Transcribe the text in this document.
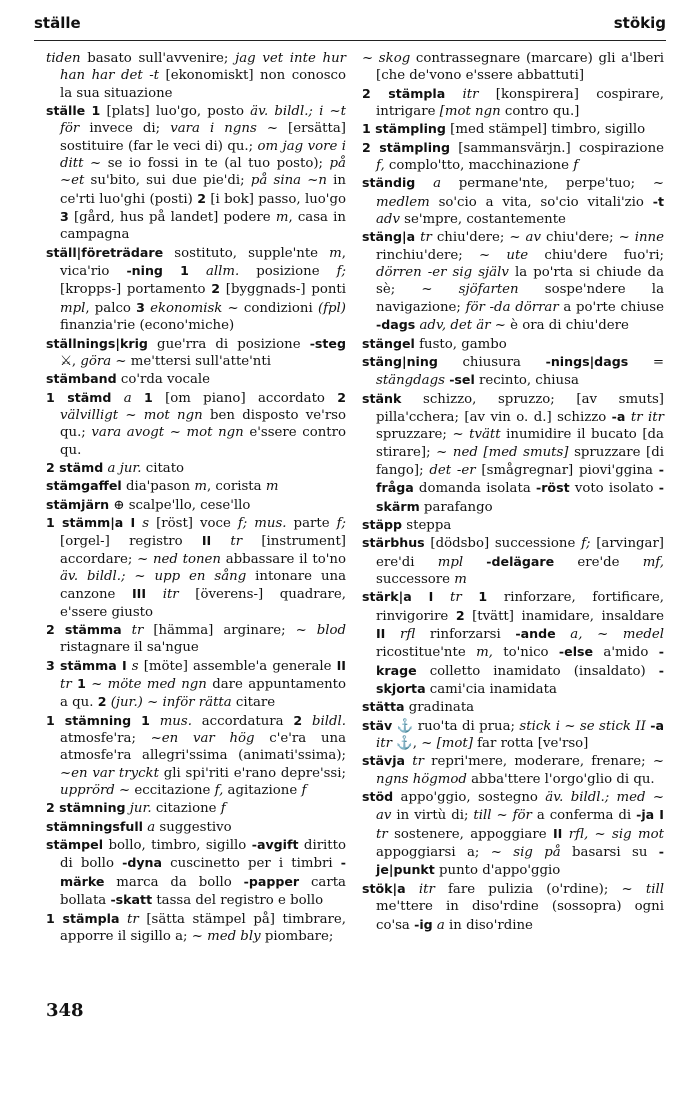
ställe	stökig

tiden basato sull'avvenire; jag vet inte hur han har det -t [ekonomiskt] non conosco la sua situazione

ställe 1 [plats] luo'go, posto äv. bildl.; i ~t för invece di; vara i ngns ~ [ersätta] sostituire (far le veci di) qu.; om jag vore i ditt ~ se io fossi in te (al tuo posto); på ~et su'bito, sui due pie'di; på sina ~n in ce'rti luo'ghi (posti) 2 [i bok] passo, luo'go 3 [gård, hus på landet] podere m, casa in campagna

ställ|företrädare sostituto, supple'nte m, vica'rio -ning 1 allm. posizione f; [kropps-] portamento 2 [byggnads-] ponti mpl, palco 3 ekonomisk ~ condizioni (fpl) finanzia'rie (econo'miche)

ställnings|krig gue'rra di posizione -steg ⚔, göra ~ me'ttersi sull'atte'nti

stämband co'rda vocale

1 stämd a 1 [om piano] accordato 2 välvilligt ~ mot ngn ben disposto ve'rso qu.; vara avogt ~ mot ngn e'ssere contro qu.

2 stämd a jur. citato

stämgaffel dia'pason m, corista m

stämjärn ⊕ scalpe'llo, cese'llo

1 stämm|a I s [röst] voce f; mus. parte f; [orgel-] registro II tr [instrument] accordare; ~ ned tonen abbassare il to'no äv. bildl.; ~ upp en sång intonare una canzone III itr [överens-] quadrare, e'ssere giusto

2 stämma tr [hämma] arginare; ~ blod ristagnare il sa'ngue

3 stämma I s [möte] assemble'a generale II tr 1 ~ möte med ngn dare appuntamento a qu. 2 (jur.) ~ inför rätta citare

1 stämning 1 mus. accordatura 2 bildl. atmosfe'ra; ~en var hög c'e'ra una atmosfe'ra allegri'ssima (animati'ssima); ~en var tryckt gli spi'riti e'rano depre'ssi; upprörd ~ eccitazione f, agitazione f

2 stämning jur. citazione f

stämningsfull a suggestivo

stämpel bollo, timbro, sigillo -avgift diritto di bollo -dyna cuscinetto per i timbri -märke marca da bollo -papper carta bollata -skatt tassa del registro e bollo

1 stämpla tr [sätta stämpel på] timbrare, apporre il sigillo a; ~ med bly piombare;

~ skog contrassegnare (marcare) gli a'lberi [che de'vono e'ssere abbattuti]

2 stämpla itr [konspirera] cospirare, intrigare [mot ngn contro qu.]

1 stämpling [med stämpel] timbro, sigillo

2 stämpling [sammansvärjn.] cospirazione f, complo'tto, macchinazione f

ständig a permane'nte, perpe'tuo; ~ medlem so'cio a vita, so'cio vitali'zio -t adv se'mpre, costantemente

stäng|a tr chiu'dere; ~ av chiu'dere; ~ inne rinchiu'dere; ~ ute chiu'dere fuo'ri; dörren -er sig själv la po'rta si chiude da sè; ~ sjöfarten sospe'ndere la navigazione; för -da dörrar a po'rte chiuse -dags adv, det är ~ è ora di chiu'dere

stängel fusto, gambo

stäng|ning chiusura -nings|dags = stängdags -sel recinto, chiusa

stänk schizzo, spruzzo; [av smuts] pilla'cchera; [av vin o. d.] schizzo -a tr itr spruzzare; ~ tvätt inumidire il bucato [da stirare]; ~ ned [med smuts] spruzzare [di fango]; det -er [smågregnar] piovi'ggina -fråga domanda isolata -röst voto isolato -skärm parafango

stäpp steppa

stärbhus [dödsbo] successione f; [arvingar] ere'di mpl -delägare ere'de mf, successore m

stärk|a I tr 1 rinforzare, fortificare, rinvigorire 2 [tvätt] inamidare, insaldare II rfl rinforzarsi -ande a, ~ medel ricostitue'nte m, to'nico -else a'mido -krage colletto inamidato (insaldato) -skjorta cami'cia inamidata

stätta gradinata

stäv ⚓ ruo'ta di prua; stick i ~ se stick II -a itr ⚓, ~ [mot] far rotta [ve'rso]

stävja tr repri'mere, moderare, frenare; ~ ngns högmod abba'ttere l'orgo'glio di qu.

stöd appo'ggio, sostegno äv. bildl.; med ~ av in virtù di; till ~ för a conferma di -ja I tr sostenere, appoggiare II rfl, ~ sig mot appoggiarsi a; ~ sig på basarsi su -je|punkt punto d'appo'ggio

stök|a itr fare pulizia (o'rdine); ~ till me'ttere in diso'rdine (sossopra) ogni co'sa -ig a in diso'rdine

348
